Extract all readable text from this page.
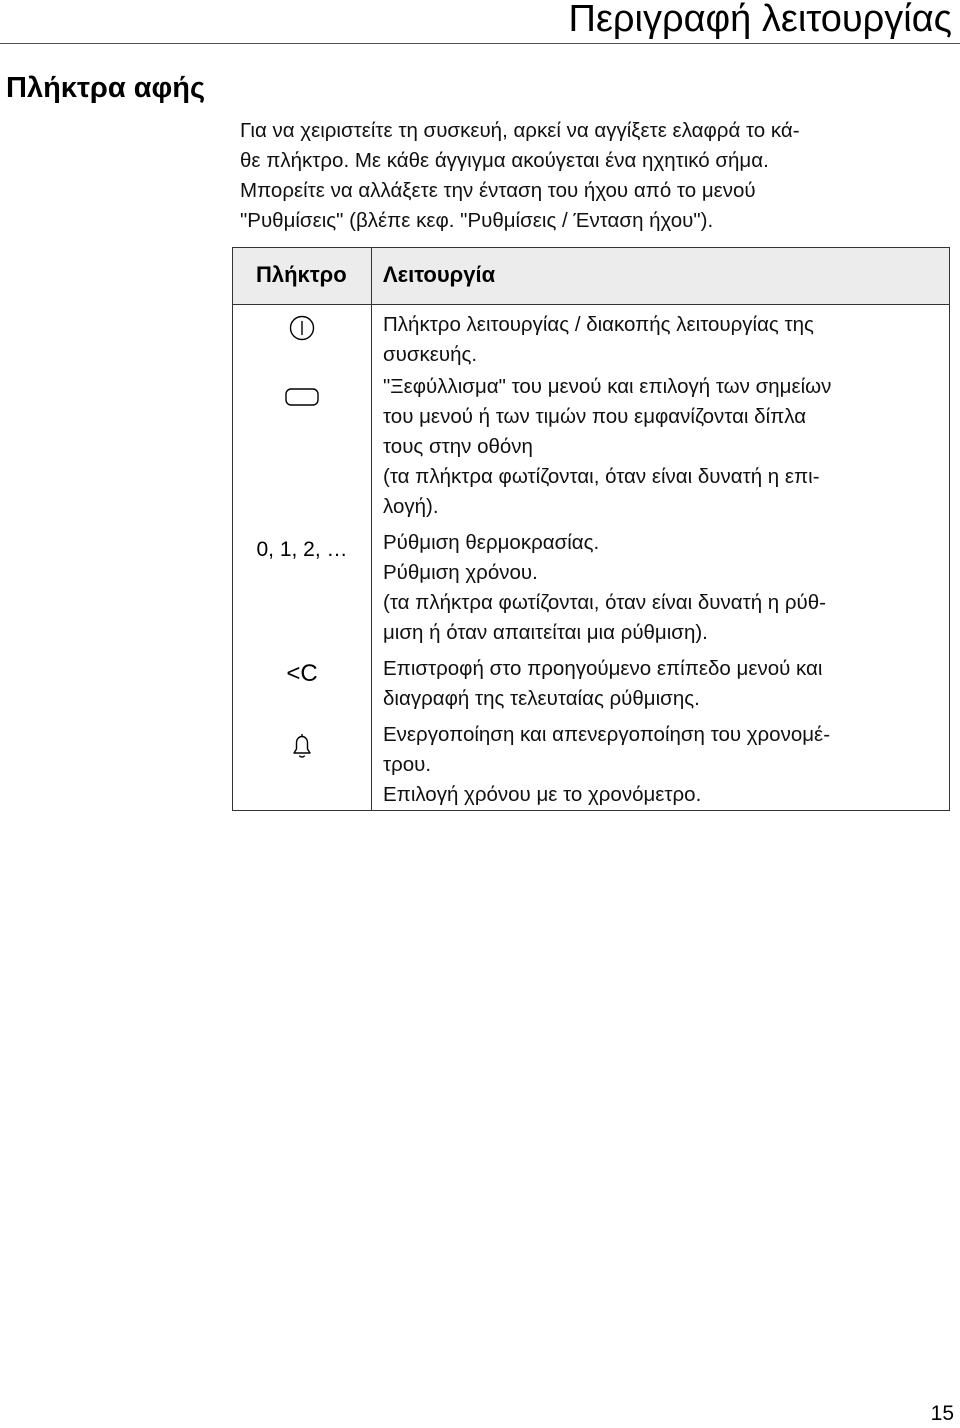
Περιγραφή λειτουργίας
Πλήκτρα αφής
Για να χειριστείτε τη συσκευή, αρκεί να αγγίξετε ελαφρά το κά-
θε πλήκτρο. Με κάθε άγγιγμα ακούγεται ένα ηχητικό σήμα.
Μπορείτε να αλλάξετε την ένταση του ήχου από το μενού
"Ρυθμίσεις" (βλέπε κεφ. "Ρυθμίσεις / Ένταση ήχου").
Πλήκτρο Λειτουργία
Πλήκτρο λειτουργίας / διακοπής λειτουργίας της
συσκευής.
"Ξεφύλλισμα" του μενού και επιλογή των σημείων
του μενού ή των τιμών που εμφανίζονται δίπλα
τους στην οθόνη
(τα πλήκτρα φωτίζονται, όταν είναι δυνατή η επι-
λογή).
0, 1, 2, … Ρύθμιση θερμοκρασίας.
Ρύθμιση χρόνου.
(τα πλήκτρα φωτίζονται, όταν είναι δυνατή η ρύθ-
μιση ή όταν απαιτείται μια ρύθμιση).
<C	Επιστροφή στο προηγούμενο επίπεδο μενού και
διαγραφή της τελευταίας ρύθμισης.
Ενεργοποίηση και απενεργοποίηση του χρονομέ-
τρου.
Επιλογή χρόνου με το χρονόμετρο.
15
